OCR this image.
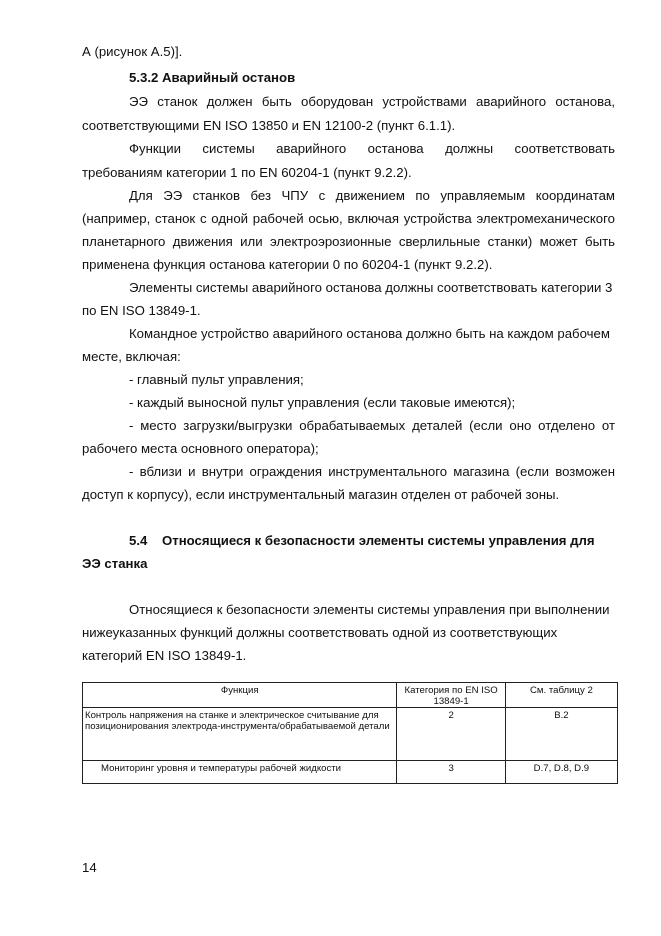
А (рисунок А.5)].
5.3.2 Аварийный останов
ЭЭ станок должен быть оборудован устройствами аварийного останова,
соответствующими EN ISO 13850 и EN 12100-2 (пункт 6.1.1).
Функции системы аварийного останова должны соответствовать
требованиям категории 1 по EN 60204-1 (пункт 9.2.2).
Для ЭЭ станков без ЧПУ с движением по управляемым координатам
(например, станок с одной рабочей осью, включая устройства электромеханического
планетарного движения или электроэрозионные сверлильные станки) может быть
применена функция останова категории 0 по 60204-1 (пункт 9.2.2).
Элементы системы аварийного останова должны соответствовать категории 3
по EN ISO 13849-1.
Командное устройство аварийного останова должно быть на каждом рабочем
месте, включая:
- главный пульт управления;
- каждый выносной пульт управления (если таковые имеются);
- место загрузки/выгрузки обрабатываемых деталей (если оно отделено от
рабочего места основного оператора);
- вблизи и внутри ограждения инструментального магазина (если возможен
доступ к корпусу), если инструментальный магазин отделен от рабочей зоны.
5.4    Относящиеся к безопасности элементы системы управления для
ЭЭ станка
Относящиеся к безопасности элементы системы управления при выполнении
нижеуказанных функций должны соответствовать одной из соответствующих
категорий EN ISO 13849-1.
Функция	Категория по EN ISO 13849-1	См. таблицу 2
Контроль напряжения на станке и электрическое считывание для позиционирования электрода-инструмента/обрабатываемой детали	2	B.2
Мониторинг уровня и температуры рабочей жидкости	3	D.7, D.8, D.9
14
